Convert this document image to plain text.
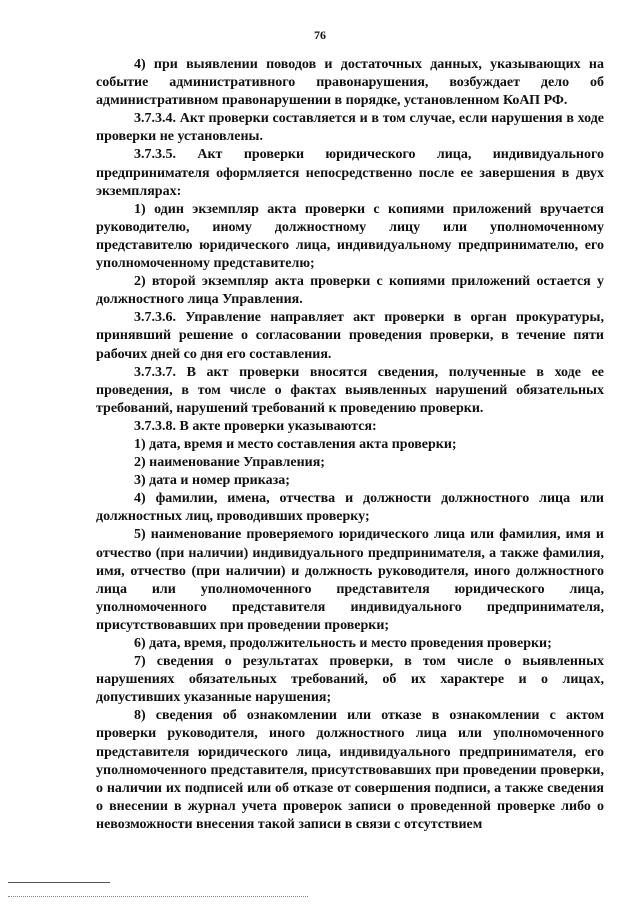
76

4) при выявлении поводов и достаточных данных, указывающих на событие административного правонарушения, возбуждает дело об административном правонарушении в порядке, установленном КоАП РФ.

3.7.3.4. Акт проверки составляется и в том случае, если нарушения в ходе проверки не установлены.

3.7.3.5. Акт проверки юридического лица, индивидуального предпринимателя оформляется непосредственно после ее завершения в двух экземплярах:

1) один экземпляр акта проверки с копиями приложений вручается руководителю, иному должностному лицу или уполномоченному представителю юридического лица, индивидуальному предпринимателю, его уполномоченному представителю;

2) второй экземпляр акта проверки с копиями приложений остается у должностного лица Управления.

3.7.3.6. Управление направляет акт проверки в орган прокуратуры, принявший решение о согласовании проведения проверки, в течение пяти рабочих дней со дня его составления.

3.7.3.7. В акт проверки вносятся сведения, полученные в ходе ее проведения, в том числе о фактах выявленных нарушений обязательных требований, нарушений требований к проведению проверки.

3.7.3.8. В акте проверки указываются:

1) дата, время и место составления акта проверки;

2) наименование Управления;

3) дата и номер приказа;

4) фамилии, имена, отчества и должности должностного лица или должностных лиц, проводивших проверку;

5) наименование проверяемого юридического лица или фамилия, имя и отчество (при наличии) индивидуального предпринимателя, а также фамилия, имя, отчество (при наличии) и должность руководителя, иного должностного лица или уполномоченного представителя юридического лица, уполномоченного представителя индивидуального предпринимателя, присутствовавших при проведении проверки;

6) дата, время, продолжительность и место проведения проверки;

7) сведения о результатах проверки, в том числе о выявленных нарушениях обязательных требований, об их характере и о лицах, допустивших указанные нарушения;

8) сведения об ознакомлении или отказе в ознакомлении с актом проверки руководителя, иного должностного лица или уполномоченного представителя юридического лица, индивидуального предпринимателя, его уполномоченного представителя, присутствовавших при проведении проверки, о наличии их подписей или об отказе от совершения подписи, а также сведения о внесении в журнал учета проверок записи о проведенной проверке либо о невозможности внесения такой записи в связи с отсутствием
